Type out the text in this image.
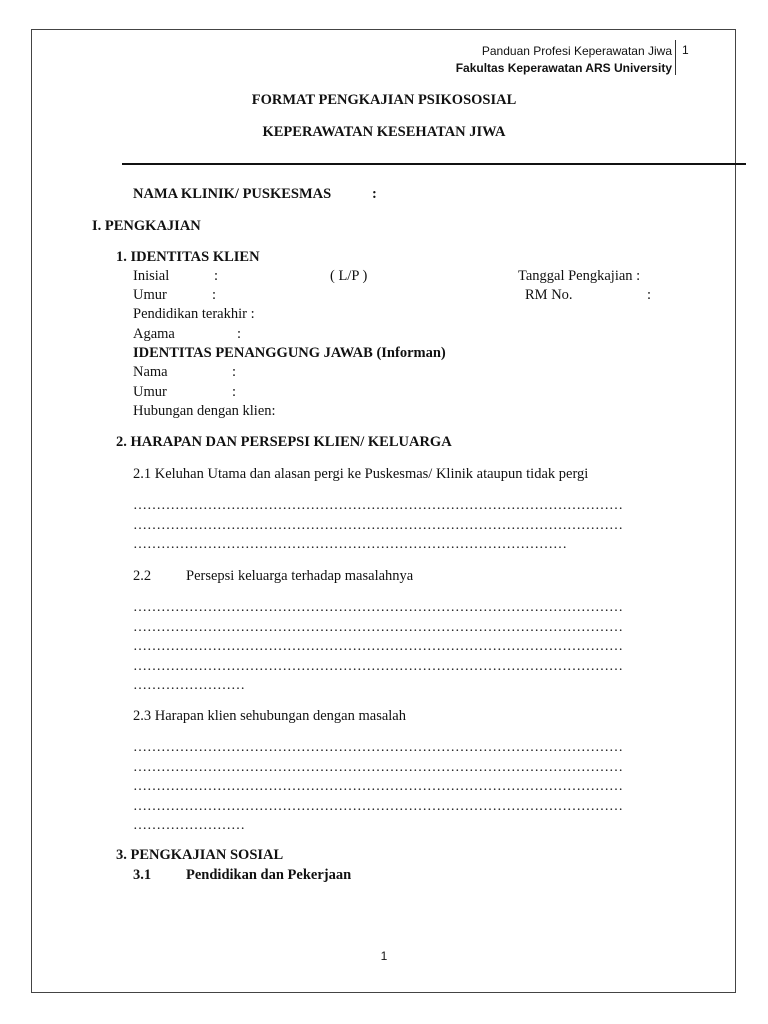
Panduan Profesi Keperawatan Jiwa
Fakultas Keperawatan ARS University
1
FORMAT PENGKAJIAN PSIKOSOSIAL
KEPERAWATAN KESEHATAN JIWA
NAMA KLINIK/ PUSKESMAS	:
I. PENGKAJIAN
1. IDENTITAS KLIEN
Inisial	:	( L/P )	Tanggal Pengkajian :
Umur	:	RM No.	:
Pendidikan terakhir :
Agama	:
IDENTITAS PENANGGUNG JAWAB (Informan)
Nama	:
Umur	:
Hubungan dengan klien:
2. HARAPAN DAN PERSEPSI KLIEN/ KELUARGA
2.1 Keluhan Utama dan alasan pergi ke Puskesmas/ Klinik ataupun tidak pergi
……………………………………………………………………………………………
……………………………………………………………………………………………
…………………………………………………………………………………
2.2 Persepsi keluarga terhadap masalahnya
……………………………………………………………………………………………
……………………………………………………………………………………………
……………………………………………………………………………………………
……………………………………………………………………………………………
……………………
2.3 Harapan klien sehubungan dengan masalah
……………………………………………………………………………………………
……………………………………………………………………………………………
……………………………………………………………………………………………
……………………………………………………………………………………………
……………………
3. PENGKAJIAN SOSIAL
3.1 Pendidikan dan Pekerjaan
1
